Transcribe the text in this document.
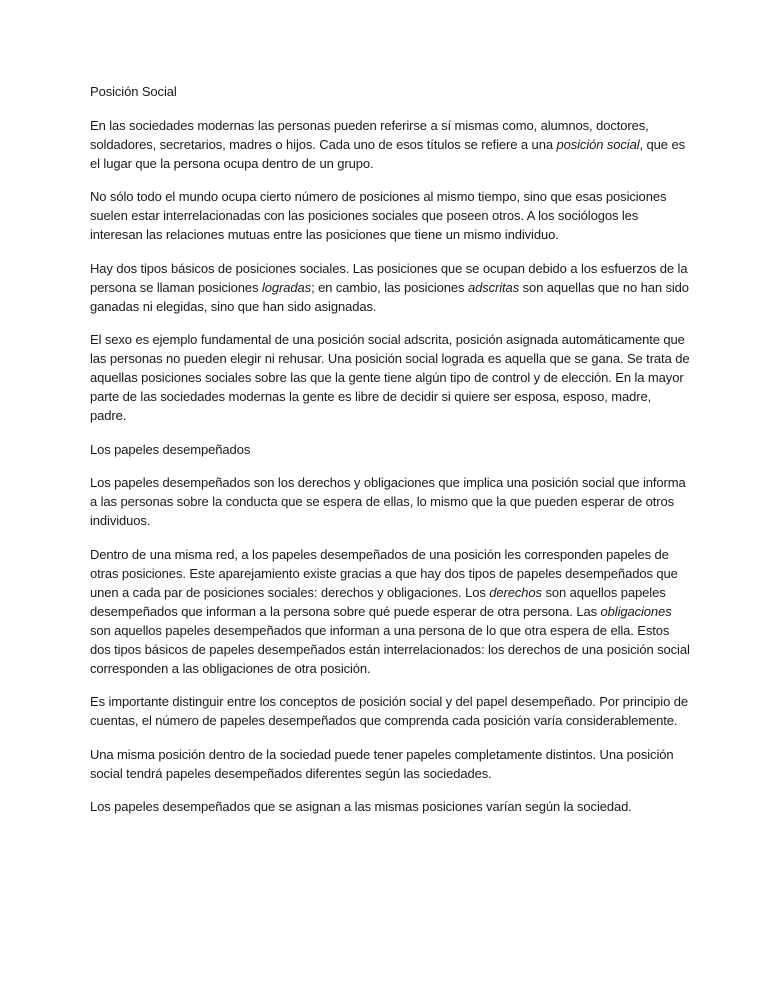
Posición Social

En las sociedades modernas las personas pueden referirse a sí mismas como, alumnos, doctores, soldadores, secretarios, madres o hijos. Cada uno de esos títulos se refiere a una posición social, que es el lugar que la persona ocupa dentro de un grupo.

No sólo todo el mundo ocupa cierto número de posiciones al mismo tiempo, sino que esas posiciones suelen estar interrelacionadas con las posiciones sociales que poseen otros. A los sociólogos les interesan las relaciones mutuas entre las posiciones que tiene un mismo individuo.

Hay dos tipos básicos de posiciones sociales. Las posiciones que se ocupan debido a los esfuerzos de la persona se llaman posiciones logradas; en cambio, las posiciones adscritas son aquellas que no han sido ganadas ni elegidas, sino que han sido asignadas.

El sexo es ejemplo fundamental de una posición social adscrita, posición asignada automáticamente que las personas no pueden elegir ni rehusar. Una posición social lograda es aquella que se gana. Se trata de aquellas posiciones sociales sobre las que la gente tiene algún tipo de control y de elección. En la mayor parte de las sociedades modernas la gente es libre de decidir si quiere ser esposa, esposo, madre, padre.

Los papeles desempeñados

Los papeles desempeñados son los derechos y obligaciones que implica una posición social que informa a las personas sobre la conducta que se espera de ellas, lo mismo que la que pueden esperar de otros individuos.

Dentro de una misma red, a los papeles desempeñados de una posición les corresponden papeles de otras posiciones. Este aparejamiento existe gracias a que hay dos tipos de papeles desempeñados que unen a cada par de posiciones sociales: derechos y obligaciones. Los derechos son aquellos papeles desempeñados que informan a la persona sobre qué puede esperar de otra persona. Las obligaciones son aquellos papeles desempeñados que informan a una persona de lo que otra espera de ella. Estos dos tipos básicos de papeles desempeñados están interrelacionados: los derechos de una posición social corresponden a las obligaciones de otra posición.

Es importante distinguir entre los conceptos de posición social y del papel desempeñado. Por principio de cuentas, el número de papeles desempeñados que comprenda cada posición varía considerablemente.

Una misma posición dentro de la sociedad puede tener papeles completamente distintos. Una posición social tendrá papeles desempeñados diferentes según las sociedades.

Los papeles desempeñados que se asignan a las mismas posiciones varían según la sociedad.
